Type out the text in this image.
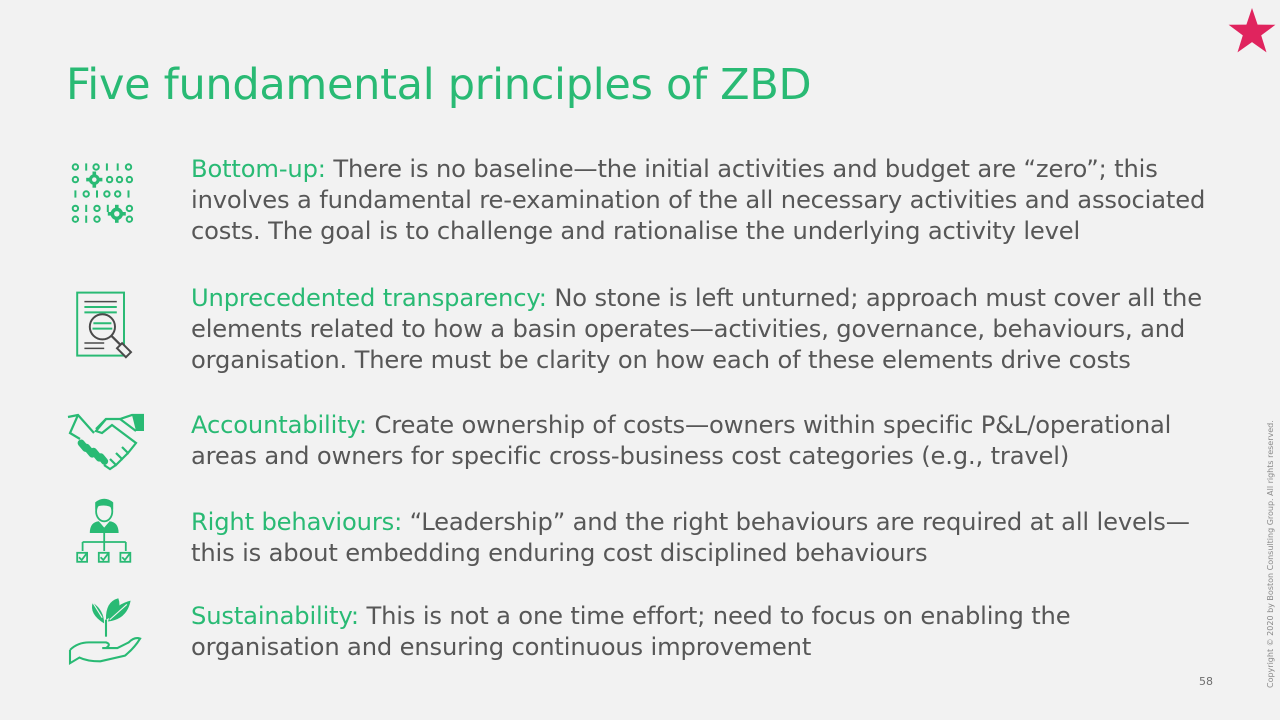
Five fundamental principles of ZBD
Bottom-up: There is no baseline—the initial activities and budget are “zero”; this involves a fundamental re-examination of the all necessary activities and associated costs. The goal is to challenge and rationalise the underlying activity level
Unprecedented transparency: No stone is left unturned; approach must cover all the elements related to how a basin operates—activities, governance, behaviours, and organisation. There must be clarity on how each of these elements drive costs
Accountability: Create ownership of costs—owners within specific P&L/operational areas and owners for specific cross-business cost categories (e.g., travel)
Right behaviours: “Leadership” and the right behaviours are required at all levels—this is about embedding enduring cost disciplined behaviours
Sustainability: This is not a one time effort; need to focus on enabling the organisation and ensuring continuous improvement
58	Copyright © 2020 by Boston Consulting Group. All rights reserved.
